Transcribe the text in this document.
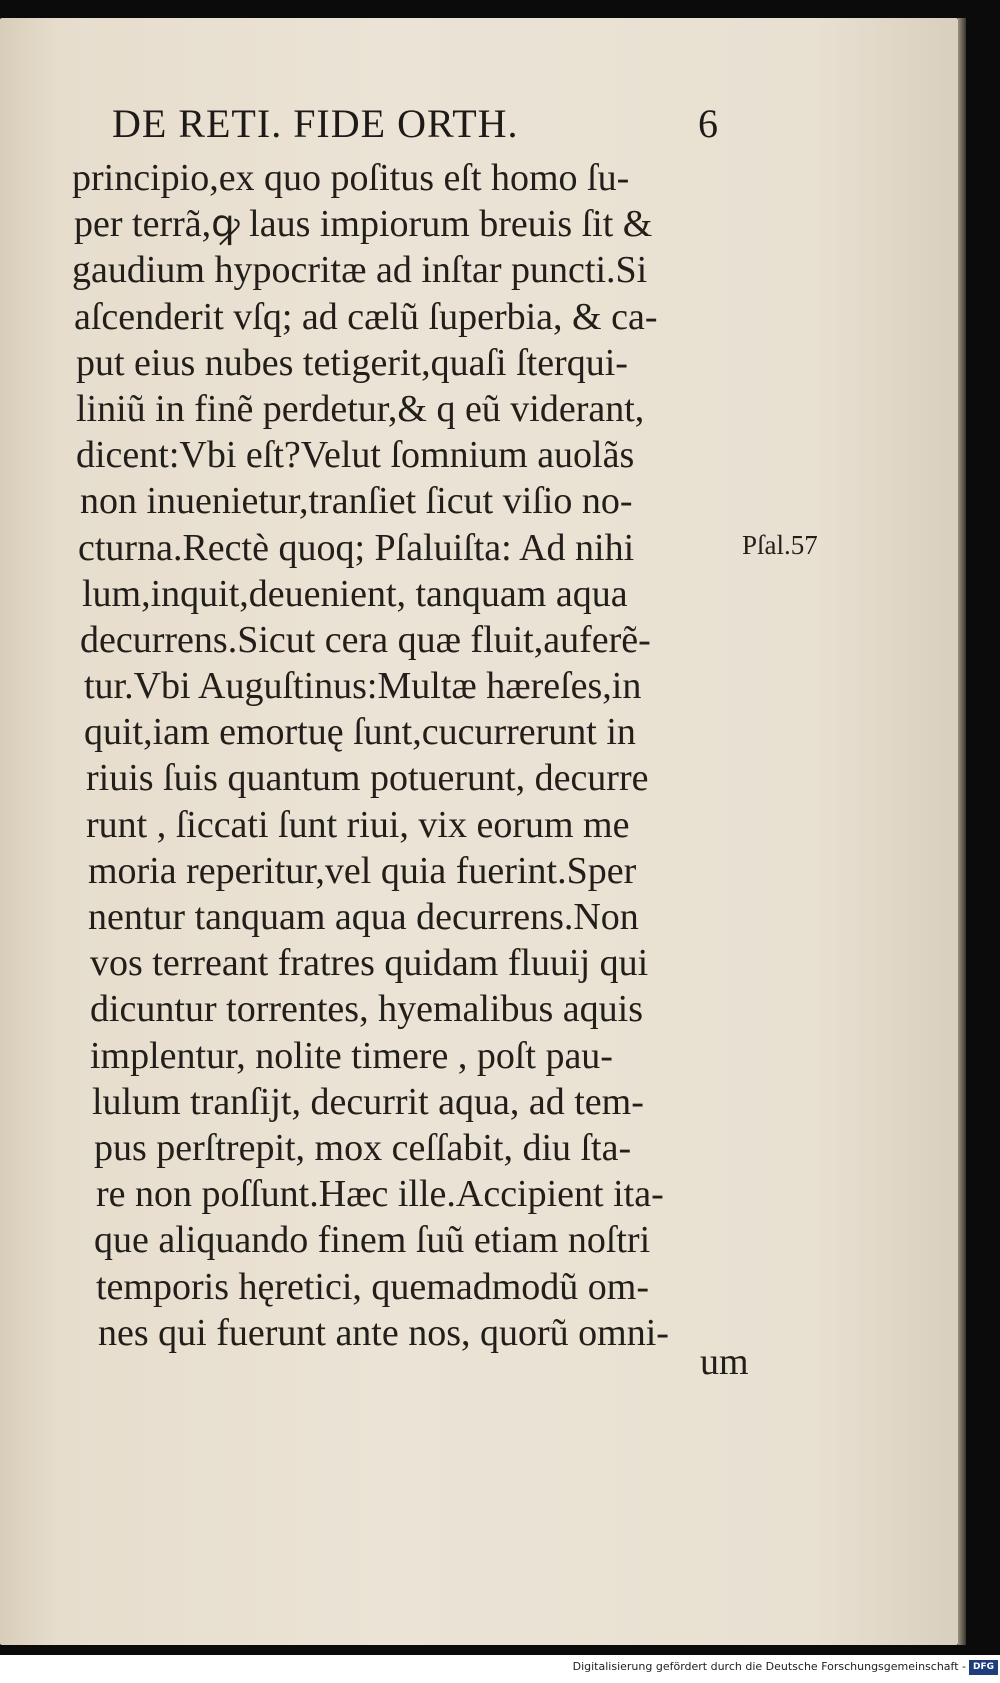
DE RETI. FIDE ORTH.	6
principio,ex quo poſitus eſt homo ſu-
per terrã,ꝙ laus impiorum breuis ſit &
gaudium hypocritæ ad inſtar puncti.Si
aſcenderit vſq; ad cælũ ſuperbia, & ca-
put eius nubes tetigerit,quaſi ſterqui-
liniũ in finẽ perdetur,& q eũ viderant,
dicent:Vbi eſt?Velut ſomnium auolãs
non inuenietur,tranſiet ſicut viſio no-
cturna.Rectè quoq; Pſaluiſta: Ad nihi
lum,inquit,deuenient, tanquam aqua
decurrens.Sicut cera quæ fluit,auferẽ-
tur.Vbi Auguſtinus:Multæ hæreſes,in
quit,iam emortuę ſunt,cucurrerunt in
riuis ſuis quantum potuerunt, decurre
runt , ſiccati ſunt riui, vix eorum me
moria reperitur,vel quia fuerint.Sper
nentur tanquam aqua decurrens.Non
vos terreant fratres quidam fluuij qui
dicuntur torrentes, hyemalibus aquis
implentur, nolite timere , poſt pau-
lulum tranſijt, decurrit aqua, ad tem-
pus perſtrepit, mox ceſſabit, diu ſta-
re non poſſunt.Hæc ille.Accipient ita-
que aliquando finem ſuũ etiam noſtri
temporis hęretici, quemadmodũ om-
nes qui fuerunt ante nos, quorũ omni-
Pſal.57
um
Digitalisierung gefördert durch die Deutsche Forschungsgemeinschaft - DFG
